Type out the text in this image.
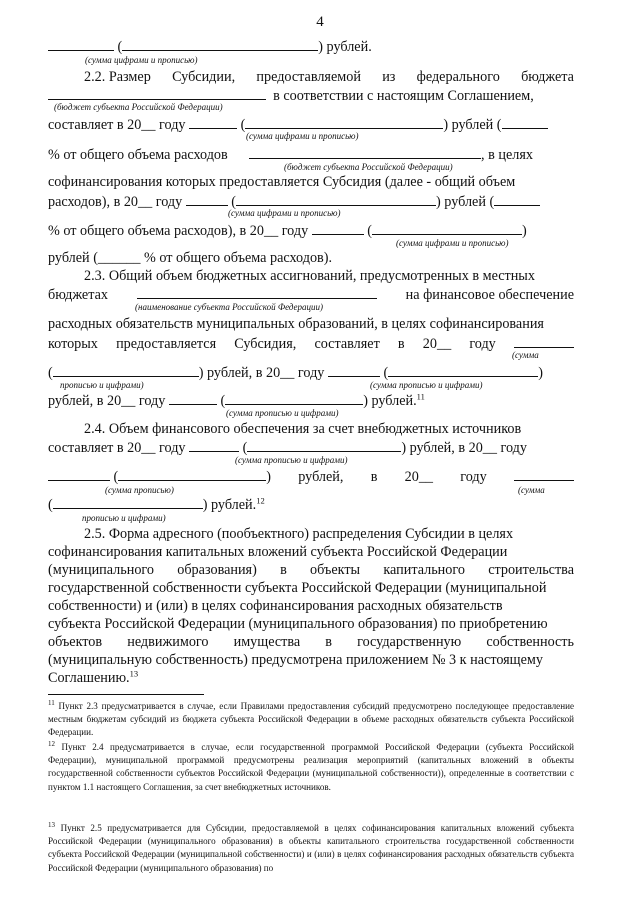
4
(	) рублей.
(сумма цифрами и прописью)
2.2. Размер Субсидии, предоставляемой из федерального бюджета
в соответствии с настоящим Соглашением,
(бюджет субъекта Российской Федерации)
составляет в 20__ году	(	) рублей (
(сумма цифрами и прописью)
% от общего объема расходов	, в целях
(бюджет субъекта Российской Федерации)
софинансирования которых предоставляется Субсидия (далее - общий объем
расходов), в 20__ году	(	) рублей (
(сумма цифрами и прописью)
% от общего объема расходов), в 20__ году	(	)
(сумма цифрами и прописью)
рублей (______ % от общего объема расходов).
2.3. Общий объем бюджетных ассигнований, предусмотренных в местных
бюджетах	на финансовое обеспечение
(наименование субъекта Российской Федерации)
расходных обязательств муниципальных образований, в целях софинансирования
которых предоставляется Субсидия, составляет в 20__ году
(сумма
(	) рублей, в 20__ году	(	)
прописью и цифрами)	(сумма прописью и цифрами)
рублей, в 20__ году	(	) рублей.$^{11}$
(сумма прописью и цифрами)
2.4. Объем финансового обеспечения за счет внебюджетных источников
составляет в 20__ году	(	) рублей, в 20__ году
(сумма прописью и цифрами)
(	) рублей, в 20__ году
(сумма прописью)	(сумма
(	) рублей.$^{12}$
прописью и цифрами)
2.5. Форма адресного (пообъектного) распределения Субсидии в целях
софинансирования капитальных вложений субъекта Российской Федерации
(муниципального образования) в объекты капитального строительства
государственной собственности субъекта Российской Федерации (муниципальной
собственности) и (или) в целях софинансирования расходных обязательств
субъекта Российской Федерации (муниципального образования) по приобретению
объектов недвижимого имущества в государственную собственность
(муниципальную собственность) предусмотрена приложением № 3 к настоящему
Соглашению.$^{13}$
$^{11}$ Пункт 2.3 предусматривается в случае, если Правилами предоставления субсидий предусмотрено последующее предоставление местным бюджетам субсидий из бюджета субъекта Российской Федерации в объеме расходных обязательств субъекта Российской Федерации.
$^{12}$ Пункт 2.4 предусматривается в случае, если государственной программой Российской Федерации (субъекта Российской Федерации), муниципальной программой предусмотрены реализация мероприятий (капитальных вложений в объекты государственной собственности субъектов Российской Федерации (муниципальной собственности)), определенные в соответствии с пунктом 1.1 настоящего Соглашения, за счет внебюджетных источников.
$^{13}$ Пункт 2.5 предусматривается для Субсидии, предоставляемой в целях софинансирования капитальных вложений субъекта Российской Федерации (муниципального образования) в объекты капитального строительства государственной собственности субъекта Российской Федерации (муниципальной собственности) и (или) в целях софинансирования расходных обязательств субъекта Российской Федерации (муниципального образования) по
